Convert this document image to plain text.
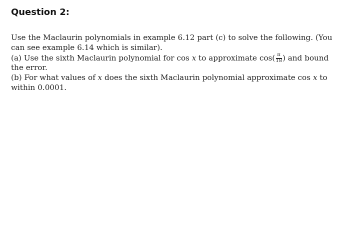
Question 2:
Use the Maclaurin polynomials in example 6.12 part (c) to solve the following. (You
can see example 6.14 which is similar).
(a) Use the sixth Maclaurin polynomial for cos x to approximate $\cos( \frac{\pi}{18}$ ) and bound
the error.
(b) For what values of x does the sixth Maclaurin polynomial approximate cos x to
within 0.0001.
